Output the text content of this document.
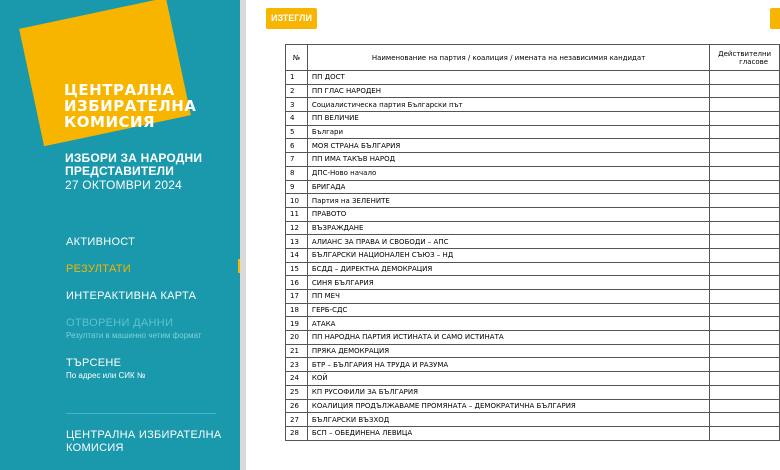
ЦЕНТРАЛНА
ИЗБИРАТЕЛНА
КОМИСИЯ
ИЗБОРИ ЗА НАРОДНИ
ПРЕДСТАВИТЕЛИ
27 ОКТОМВРИ 2024
АКТИВНОСТ
РЕЗУЛТАТИ
ИНТЕРАКТИВНА КАРТА
ОТВОРЕНИ ДАННИ
Резултати в машинно четим формат
ТЪРСЕНЕ
По адрес или СИК №
ЦЕНТРАЛНА ИЗБИРАТЕЛНА
КОМИСИЯ
ИЗТЕГЛИ
№	Наименование на партия / коалиция / имената на независимия кандидат	Действителни
гласове

1	ПП ДОСТ	
2	ПП ГЛАС НАРОДЕН	
3	Социалистическа партия Български път	
4	ПП ВЕЛИЧИЕ	
5	Българи	
6	МОЯ СТРАНА БЪЛГАРИЯ	
7	ПП ИМА ТАКЪВ НАРОД	
8	ДПС-Ново начало	
9	БРИГАДА	
10	Партия на ЗЕЛЕНИТЕ	
11	ПРАВОТО	
12	ВЪЗРАЖДАНЕ	
13	АЛИАНС ЗА ПРАВА И СВОБОДИ – АПС	
14	БЪЛГАРСКИ НАЦИОНАЛЕН СЪЮЗ – НД	
15	БСДД – ДИРЕКТНА ДЕМОКРАЦИЯ	
16	СИНЯ БЪЛГАРИЯ	
17	ПП МЕЧ	
18	ГЕРБ-СДС	
19	АТАКА	
20	ПП НАРОДНА ПАРТИЯ ИСТИНАТА И САМО ИСТИНАТА	
21	ПРЯКА ДЕМОКРАЦИЯ	
23	БТР – БЪЛГАРИЯ НА ТРУДА И РАЗУМА	
24	КОЙ	
25	КП РУСОФИЛИ ЗА БЪЛГАРИЯ	
26	КОАЛИЦИЯ ПРОДЪЛЖАВАМЕ ПРОМЯНАТА – ДЕМОКРАТИЧНА БЪЛГАРИЯ	
27	БЪЛГАРСКИ ВЪЗХОД	
28	БСП – ОБЕДИНЕНА ЛЕВИЦА	
